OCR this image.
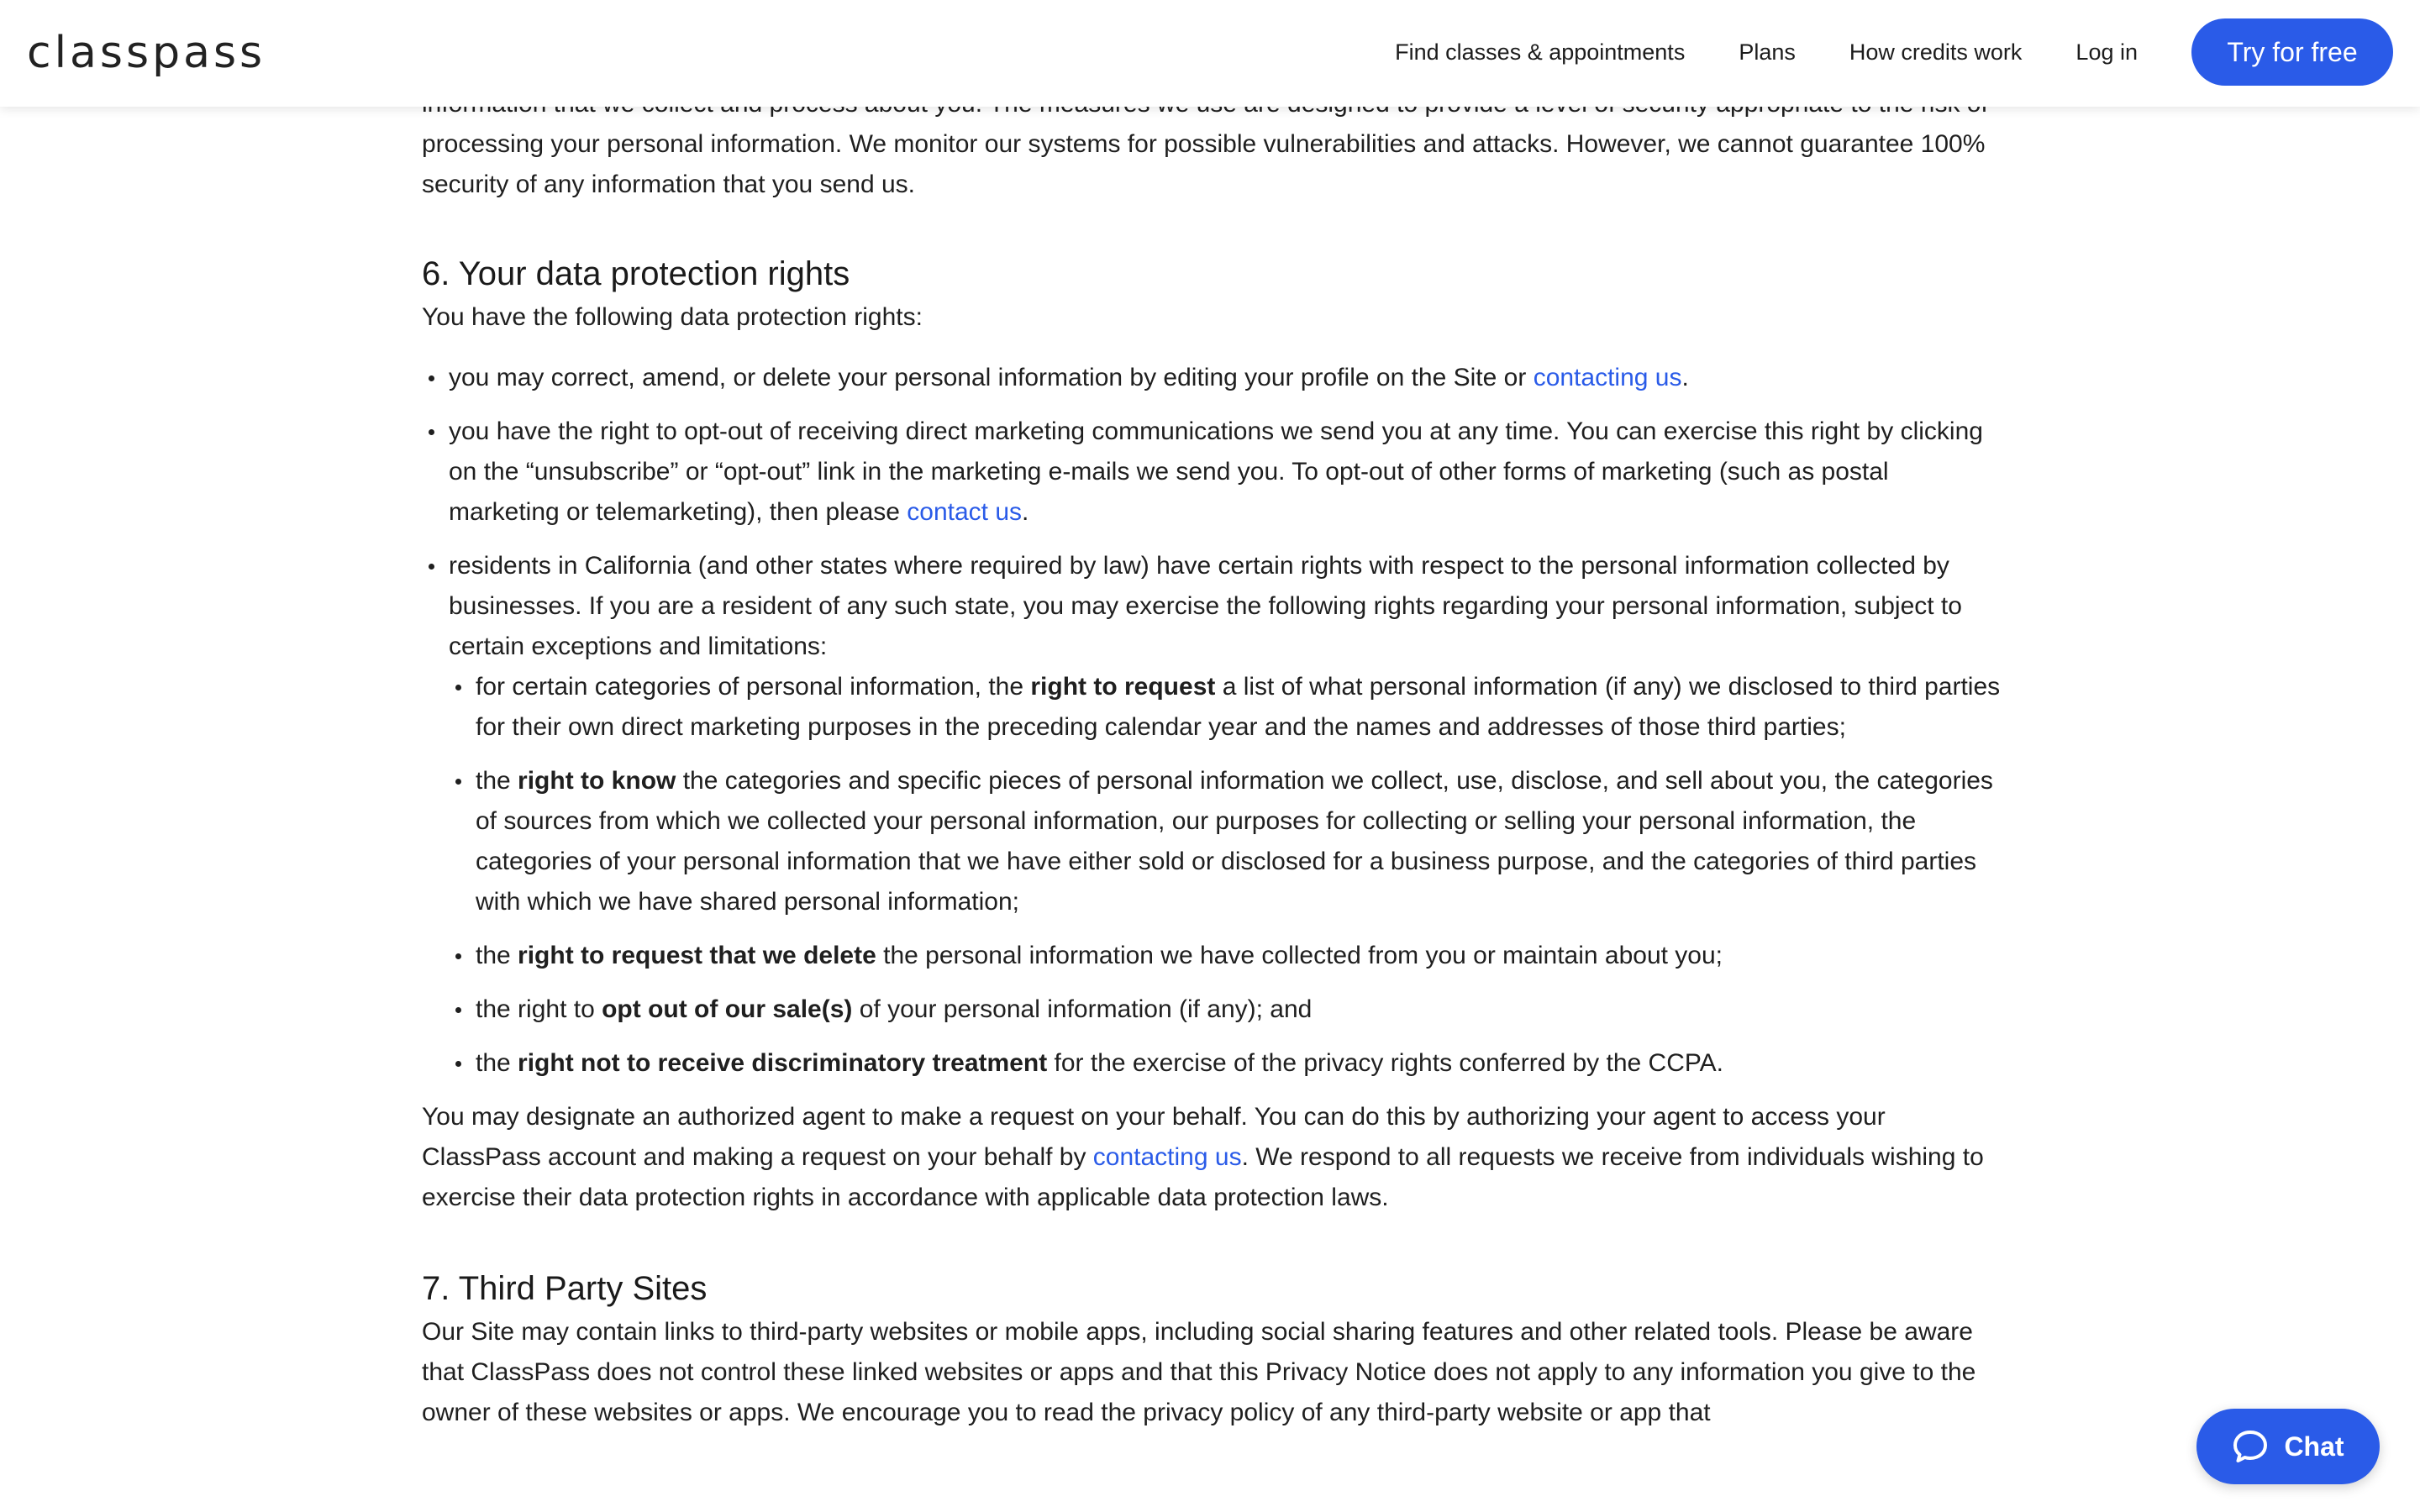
classpass	Find classes & appointments Plans How credits work Log in	Try for free

processing your personal information. We monitor our systems for possible vulnerabilities and attacks. However, we cannot guarantee 100% security of any information that you send us.

6. Your data protection rights

You have the following data protection rights:

you may correct, amend, or delete your personal information by editing your profile on the Site or contacting us.
you have the right to opt-out of receiving direct marketing communications we send you at any time. You can exercise this right by clicking on the “unsubscribe” or “opt-out” link in the marketing e-mails we send you. To opt-out of other forms of marketing (such as postal marketing or telemarketing), then please contact us.
residents in California (and other states where required by law) have certain rights with respect to the personal information collected by businesses. If you are a resident of any such state, you may exercise the following rights regarding your personal information, subject to certain exceptions and limitations:
for certain categories of personal information, the right to request a list of what personal information (if any) we disclosed to third parties for their own direct marketing purposes in the preceding calendar year and the names and addresses of those third parties;
the right to know the categories and specific pieces of personal information we collect, use, disclose, and sell about you, the categories of sources from which we collected your personal information, our purposes for collecting or selling your personal information, the categories of your personal information that we have either sold or disclosed for a business purpose, and the categories of third parties with which we have shared personal information;
the right to request that we delete the personal information we have collected from you or maintain about you;
the right to opt out of our sale(s) of your personal information (if any); and
the right not to receive discriminatory treatment for the exercise of the privacy rights conferred by the CCPA.

You may designate an authorized agent to make a request on your behalf. You can do this by authorizing your agent to access your ClassPass account and making a request on your behalf by contacting us. We respond to all requests we receive from individuals wishing to exercise their data protection rights in accordance with applicable data protection laws.

7. Third Party Sites

Our Site may contain links to third-party websites or mobile apps, including social sharing features and other related tools. Please be aware that ClassPass does not control these linked websites or apps and that this Privacy Notice does not apply to any information you give to the owner of these websites or apps. We encourage you to read the privacy policy of any third-party website or app that

Chat
